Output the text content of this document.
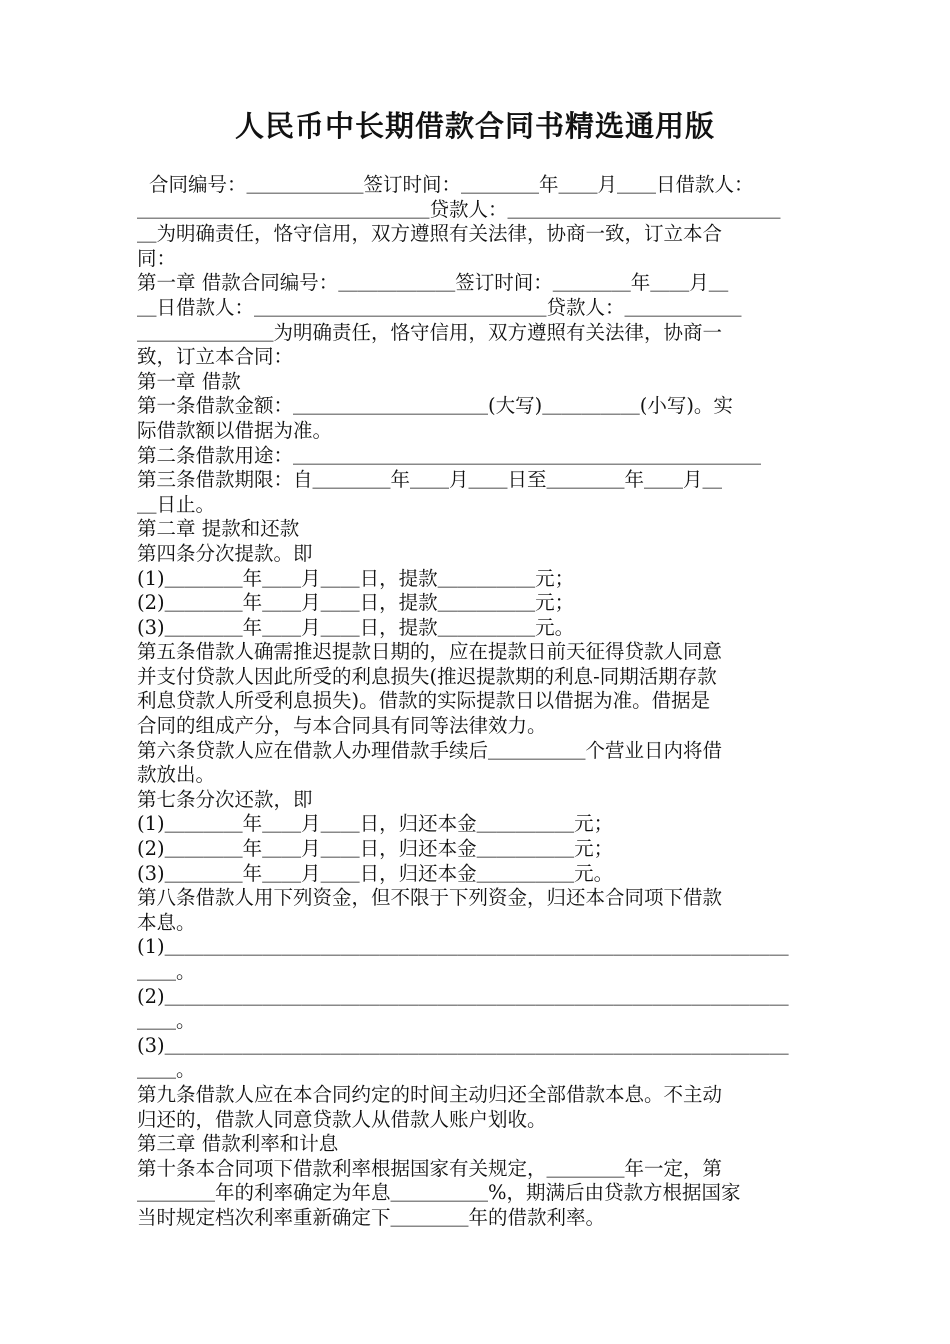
人民币中长期借款合同书精选通用版
合同编号：＿＿＿＿＿＿签订时间：＿＿＿＿年＿＿月＿＿日借款人：
＿＿＿＿＿＿＿＿＿＿＿＿＿＿＿贷款人：＿＿＿＿＿＿＿＿＿＿＿＿＿＿
＿为明确责任，恪守信用，双方遵照有关法律，协商一致，订立本合
同：
第一章 借款合同编号：＿＿＿＿＿＿签订时间：＿＿＿＿年＿＿月＿
＿日借款人：＿＿＿＿＿＿＿＿＿＿＿＿＿＿＿贷款人：＿＿＿＿＿＿
＿＿＿＿＿＿＿为明确责任，恪守信用，双方遵照有关法律，协商一
致，订立本合同：
第一章 借款
第一条借款金额：＿＿＿＿＿＿＿＿＿＿(大写)＿＿＿＿＿(小写)。实
际借款额以借据为准。
第二条借款用途：＿＿＿＿＿＿＿＿＿＿＿＿＿＿＿＿＿＿＿＿＿＿＿＿
第三条借款期限：自＿＿＿＿年＿＿月＿＿日至＿＿＿＿年＿＿月＿
＿日止。
第二章 提款和还款
第四条分次提款。即
(1)＿＿＿＿年＿＿月＿＿日，提款＿＿＿＿＿元；
(2)＿＿＿＿年＿＿月＿＿日，提款＿＿＿＿＿元；
(3)＿＿＿＿年＿＿月＿＿日，提款＿＿＿＿＿元。
第五条借款人确需推迟提款日期的，应在提款日前天征得贷款人同意
并支付贷款人因此所受的利息损失(推迟提款期的利息-同期活期存款
利息贷款人所受利息损失)。借款的实际提款日以借据为准。借据是
合同的组成产分，与本合同具有同等法律效力。
第六条贷款人应在借款人办理借款手续后＿＿＿＿＿个营业日内将借
款放出。
第七条分次还款，即
(1)＿＿＿＿年＿＿月＿＿日，归还本金＿＿＿＿＿元；
(2)＿＿＿＿年＿＿月＿＿日，归还本金＿＿＿＿＿元；
(3)＿＿＿＿年＿＿月＿＿日，归还本金＿＿＿＿＿元。
第八条借款人用下列资金，但不限于下列资金，归还本合同项下借款
本息。
(1)＿＿＿＿＿＿＿＿＿＿＿＿＿＿＿＿＿＿＿＿＿＿＿＿＿＿＿＿＿＿＿＿
＿＿。
(2)＿＿＿＿＿＿＿＿＿＿＿＿＿＿＿＿＿＿＿＿＿＿＿＿＿＿＿＿＿＿＿＿
＿＿。
(3)＿＿＿＿＿＿＿＿＿＿＿＿＿＿＿＿＿＿＿＿＿＿＿＿＿＿＿＿＿＿＿＿
＿＿。
第九条借款人应在本合同约定的时间主动归还全部借款本息。不主动
归还的，借款人同意贷款人从借款人账户划收。
第三章 借款利率和计息
第十条本合同项下借款利率根据国家有关规定，＿＿＿＿年一定，第
＿＿＿＿年的利率确定为年息＿＿＿＿＿%，期满后由贷款方根据国家
当时规定档次利率重新确定下＿＿＿＿年的借款利率。
